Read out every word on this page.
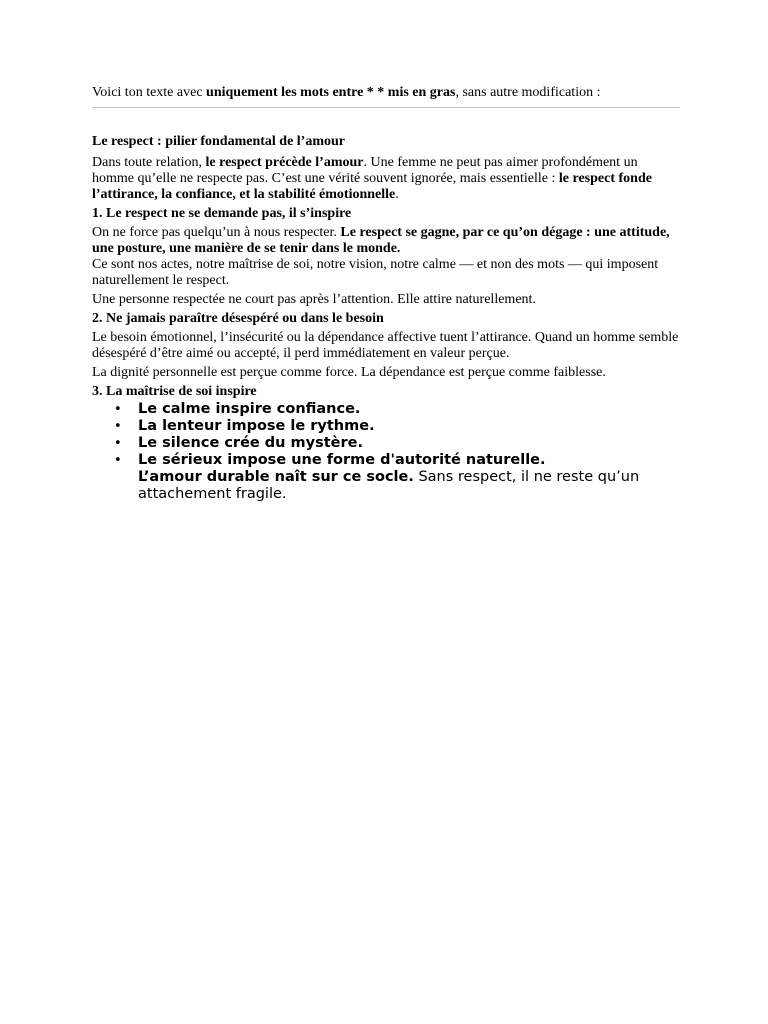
Voici ton texte avec uniquement les mots entre * * mis en gras, sans autre modification :

Le respect : pilier fondamental de l’amour

Dans toute relation, le respect précède l’amour. Une femme ne peut pas aimer profondément un homme qu’elle ne respecte pas. C’est une vérité souvent ignorée, mais essentielle : le respect fonde l’attirance, la confiance, et la stabilité émotionnelle.

1. Le respect ne se demande pas, il s’inspire

On ne force pas quelqu’un à nous respecter. Le respect se gagne, par ce qu’on dégage : une attitude, une posture, une manière de se tenir dans le monde.
Ce sont nos actes, notre maîtrise de soi, notre vision, notre calme — et non des mots — qui imposent naturellement le respect.

Une personne respectée ne court pas après l’attention. Elle attire naturellement.

2. Ne jamais paraître désespéré ou dans le besoin

Le besoin émotionnel, l’insécurité ou la dépendance affective tuent l’attirance. Quand un homme semble désespéré d’être aimé ou accepté, il perd immédiatement en valeur perçue.

La dignité personnelle est perçue comme force. La dépendance est perçue comme faiblesse.

3. La maîtrise de soi inspire

• Le calme inspire confiance.
• La lenteur impose le rythme.
• Le silence crée du mystère.
• Le sérieux impose une forme d'autorité naturelle.
L’amour durable naît sur ce socle. Sans respect, il ne reste qu’un attachement fragile.
